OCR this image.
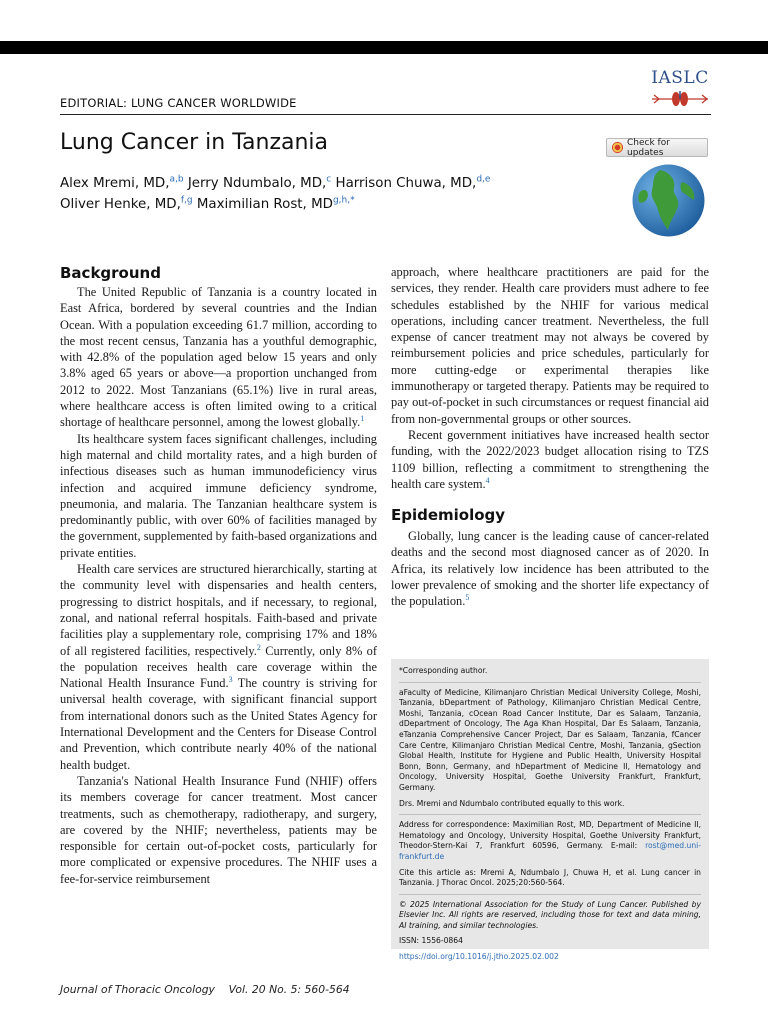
IASLC
EDITORIAL: LUNG CANCER WORLDWIDE
Lung Cancer in Tanzania	Check for updates
Alex Mremi, MD,$^{a,b}$ Jerry Ndumbalo, MD,$^c$ Harrison Chuwa, MD,$^{d,e}$
Oliver Henke, MD,$^{f,g}$ Maximilian Rost, $MD^{g,h,*}$
Background

The United Republic of Tanzania is a country located in East Africa, bordered by several countries and the Indian Ocean. With a population exceeding 61.7 million, according to the most recent census, Tanzania has a youthful demographic, with 42.8% of the population aged below 15 years and only 3.8% aged 65 years or above—a proportion unchanged from 2012 to 2022. Most Tanzanians (65.1%) live in rural areas, where healthcare access is often limited owing to a critical shortage of healthcare personnel, among the lowest globally.$^1$

Its healthcare system faces significant challenges, including high maternal and child mortality rates, and a high burden of infectious diseases such as human immunodeficiency virus infection and acquired immune deficiency syndrome, pneumonia, and malaria. The Tanzanian healthcare system is predominantly public, with over 60% of facilities managed by the government, supplemented by faith-based organizations and private entities.

Health care services are structured hierarchically, starting at the community level with dispensaries and health centers, progressing to district hospitals, and if necessary, to regional, zonal, and national referral hospitals. Faith-based and private facilities play a supplementary role, comprising 17% and 18% of all registered facilities, respectively.$^2$ Currently, only 8% of the population receives health care coverage within the National Health Insurance Fund.$^3$ The country is striving for universal health coverage, with significant financial support from international donors such as the United States Agency for International Development and the Centers for Disease Control and Prevention, which contribute nearly 40% of the national health budget.

Tanzania's National Health Insurance Fund (NHIF) offers its members coverage for cancer treatment. Most cancer treatments, such as chemotherapy, radiotherapy, and surgery, are covered by the NHIF; nevertheless, patients may be responsible for certain out-of-pocket costs, particularly for more complicated or expensive procedures. The NHIF uses a fee-for-service reimbursement

approach, where healthcare practitioners are paid for the services, they render. Health care providers must adhere to fee schedules established by the NHIF for various medical operations, including cancer treatment. Nevertheless, the full expense of cancer treatment may not always be covered by reimbursement policies and price schedules, particularly for more cutting-edge or experimental therapies like immunotherapy or targeted therapy. Patients may be required to pay out-of-pocket in such circumstances or request financial aid from non-governmental groups or other sources.

Recent government initiatives have increased health sector funding, with the 2022/2023 budget allocation rising to TZS 1109 billion, reflecting a commitment to strengthening the health care system.$^4$

Epidemiology

Globally, lung cancer is the leading cause of cancer-related deaths and the second most diagnosed cancer as of 2020. In Africa, its relatively low incidence has been attributed to the lower prevalence of smoking and the shorter life expectancy of the population.$^5$

*Corresponding author.

aFaculty of Medicine, Kilimanjaro Christian Medical University College, Moshi, Tanzania, bDepartment of Pathology, Kilimanjaro Christian Medical Centre, Moshi, Tanzania, cOcean Road Cancer Institute, Dar es Salaam, Tanzania, dDepartment of Oncology, The Aga Khan Hospital, Dar Es Salaam, Tanzania, eTanzania Comprehensive Cancer Project, Dar es Salaam, Tanzania, fCancer Care Centre, Kilimanjaro Christian Medical Centre, Moshi, Tanzania, gSection Global Health, Institute for Hygiene and Public Health, University Hospital Bonn, Bonn, Germany, and hDepartment of Medicine II, Hematology and Oncology, University Hospital, Goethe University Frankfurt, Frankfurt, Germany.

Drs. Mremi and Ndumbalo contributed equally to this work.

Address for correspondence: Maximilian Rost, MD, Department of Medicine II, Hematology and Oncology, University Hospital, Goethe University Frankfurt, Theodor-Stern-Kai 7, Frankfurt 60596, Germany. E-mail: rost@med.uni-frankfurt.de

Cite this article as: Mremi A, Ndumbalo J, Chuwa H, et al. Lung cancer in Tanzania. J Thorac Oncol. 2025;20:560-564.

© 2025 International Association for the Study of Lung Cancer. Published by Elsevier Inc. All rights are reserved, including those for text and data mining, AI training, and similar technologies.

ISSN: 1556-0864

https://doi.org/10.1016/j.jtho.2025.02.002

Journal of Thoracic Oncology Vol. 20 No. 5: 560-564
